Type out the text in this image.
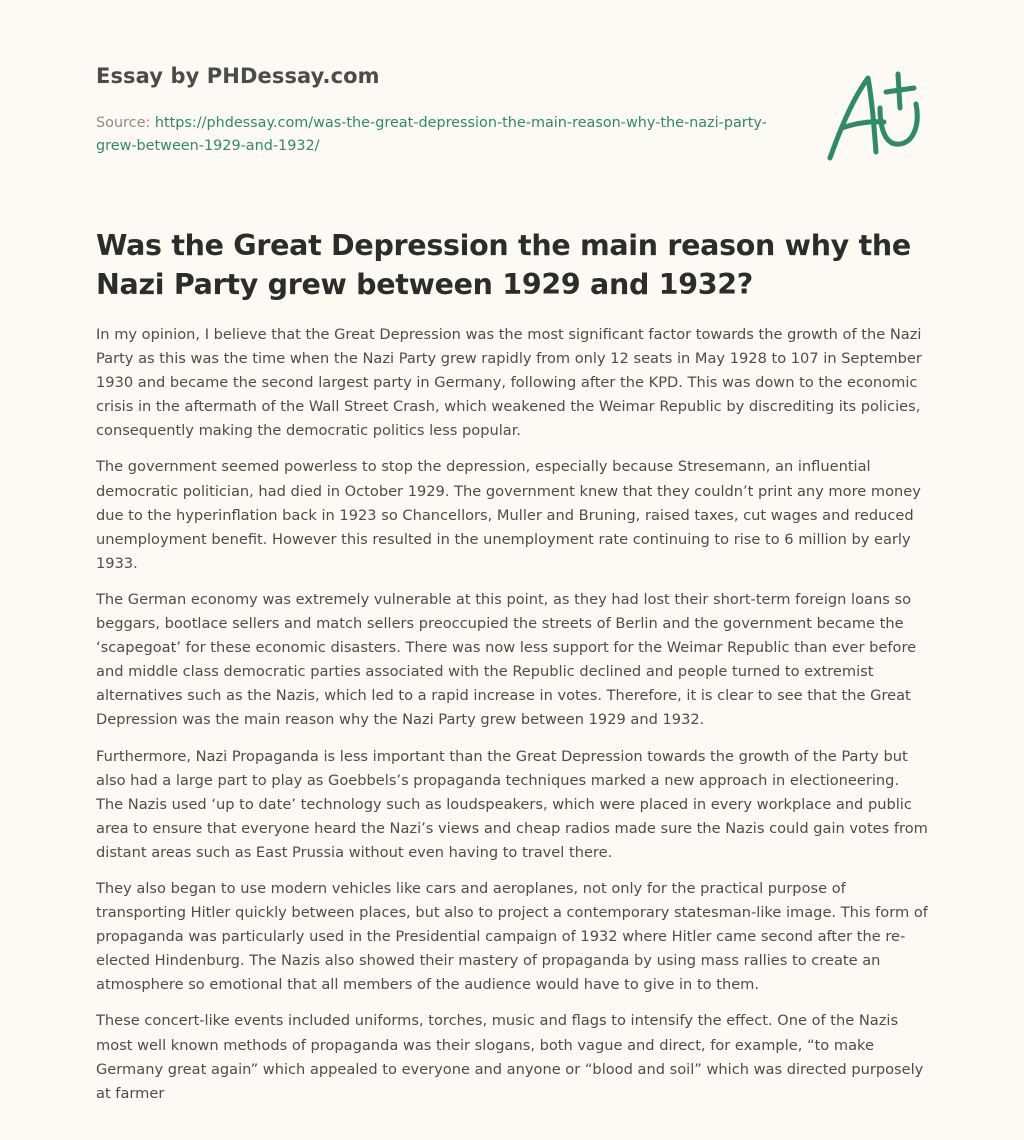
Essay by PHDessay.com
Source: https://phdessay.com/was-the-great-depression-the-main-reason-why-the-nazi-party-grew-between-1929-and-1932/
Was the Great Depression the main reason why the Nazi Party grew between 1929 and 1932?

In my opinion, I believe that the Great Depression was the most significant factor towards the growth of the Nazi Party as this was the time when the Nazi Party grew rapidly from only 12 seats in May 1928 to 107 in September 1930 and became the second largest party in Germany, following after the KPD. This was down to the economic crisis in the aftermath of the Wall Street Crash, which weakened the Weimar Republic by discrediting its policies, consequently making the democratic politics less popular.

The government seemed powerless to stop the depression, especially because Stresemann, an influential democratic politician, had died in October 1929. The government knew that they couldn’t print any more money due to the hyperinflation back in 1923 so Chancellors, Muller and Bruning, raised taxes, cut wages and reduced unemployment benefit. However this resulted in the unemployment rate continuing to rise to 6 million by early 1933.

The German economy was extremely vulnerable at this point, as they had lost their short-term foreign loans so beggars, bootlace sellers and match sellers preoccupied the streets of Berlin and the government became the ‘scapegoat’ for these economic disasters. There was now less support for the Weimar Republic than ever before and middle class democratic parties associated with the Republic declined and people turned to extremist alternatives such as the Nazis, which led to a rapid increase in votes. Therefore, it is clear to see that the Great Depression was the main reason why the Nazi Party grew between 1929 and 1932.

Furthermore, Nazi Propaganda is less important than the Great Depression towards the growth of the Party but also had a large part to play as Goebbels’s propaganda techniques marked a new approach in electioneering. The Nazis used ‘up to date’ technology such as loudspeakers, which were placed in every workplace and public area to ensure that everyone heard the Nazi’s views and cheap radios made sure the Nazis could gain votes from distant areas such as East Prussia without even having to travel there.

They also began to use modern vehicles like cars and aeroplanes, not only for the practical purpose of transporting Hitler quickly between places, but also to project a contemporary statesman-like image. This form of propaganda was particularly used in the Presidential campaign of 1932 where Hitler came second after the re-elected Hindenburg. The Nazis also showed their mastery of propaganda by using mass rallies to create an atmosphere so emotional that all members of the audience would have to give in to them.

These concert-like events included uniforms, torches, music and flags to intensify the effect. One of the Nazis most well known methods of propaganda was their slogans, both vague and direct, for example, “to make Germany great again” which appealed to everyone and anyone or “blood and soil” which was directed purposely at farmer
